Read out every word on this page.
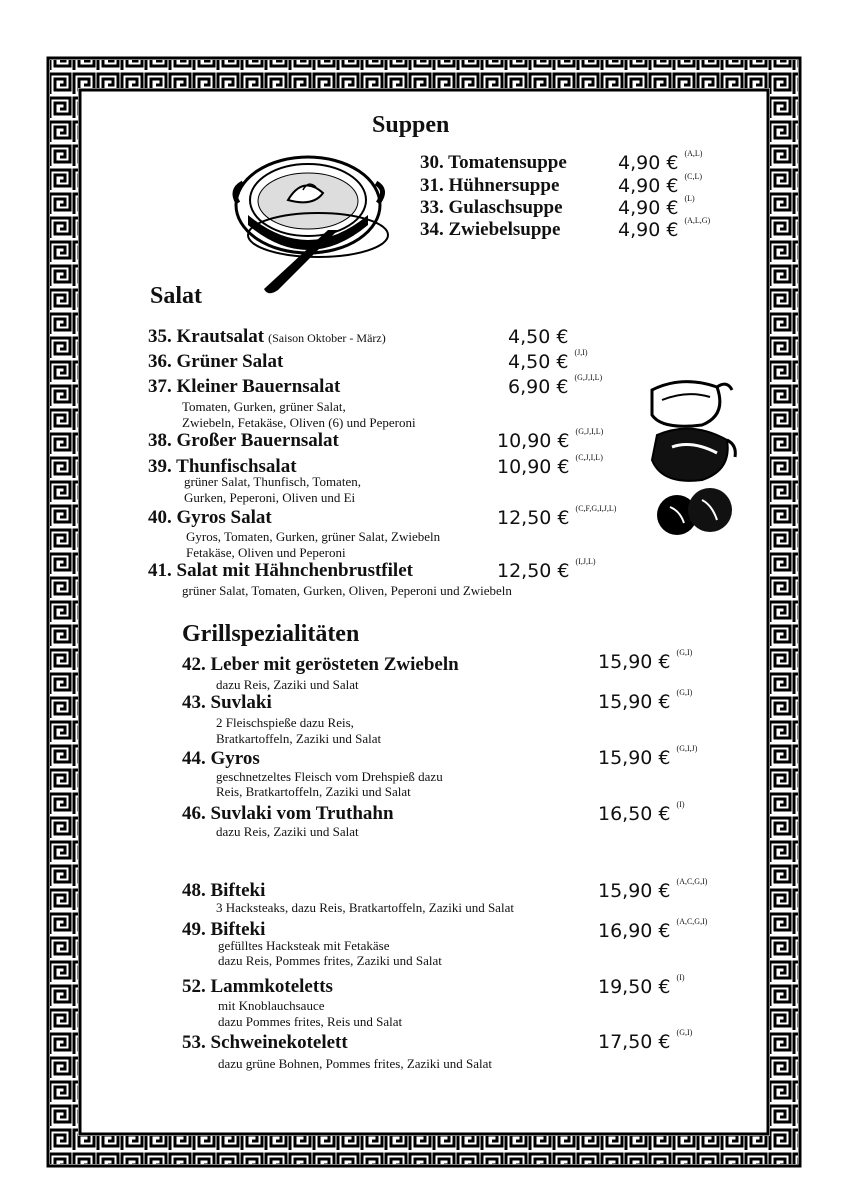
Suppen
Salat
Grillspezialitäten
30. Tomatensuppe	4,90 € $^{(A,L)}$
31. Hühnersuppe	4,90 € $^{(C,L)}$
33. Gulaschsuppe	4,90 € $^{(L)}$
34. Zwiebelsuppe	4,90 € $^{(A,L,G)}$
35. Krautsalat (Saison Oktober - März)	4,50 €
36. Grüner Salat	4,50 € $^{(J,I)}$
37. Kleiner Bauernsalat	6,90 € $^{(G,J,I,L)}$
Tomaten, Gurken, grüner Salat,
Zwiebeln, Fetakäse, Oliven (6) und Peperoni
38. Großer Bauernsalat	10,90 € $^{(G,J,I,L)}$
39. Thunfischsalat	10,90 € $^{(C,J,I,L)}$
grüner Salat, Thunfisch, Tomaten,
Gurken, Peperoni, Oliven und Ei
40. Gyros Salat	12,50 € $^{(C,F,G,I,J,L)}$
Gyros, Tomaten, Gurken, grüner Salat, Zwiebeln
Fetakäse, Oliven und Peperoni
41. Salat mit Hähnchenbrustfilet	12,50 € $^{(I,J,L)}$
grüner Salat, Tomaten, Gurken, Oliven, Peperoni und Zwiebeln
42. Leber mit gerösteten Zwiebeln	15,90 € $^{(G,I)}$
dazu Reis, Zaziki und Salat
43. Suvlaki	15,90 € $^{(G,I)}$
2 Fleischspieße dazu Reis,
Bratkartoffeln, Zaziki und Salat
44. Gyros	15,90 € $^{(G,I,J)}$
geschnetzeltes Fleisch vom Drehspieß dazu
Reis, Bratkartoffeln, Zaziki und Salat
46. Suvlaki vom Truthahn	16,50 € $^{(I)}$
dazu Reis, Zaziki und Salat
48. Bifteki	15,90 € $^{(A,C,G,I)}$
3 Hacksteaks, dazu Reis, Bratkartoffeln, Zaziki und Salat
49. Bifteki	16,90 € $^{(A,C,G,I)}$
gefülltes Hacksteak mit Fetakäse
dazu Reis, Pommes frites, Zaziki und Salat
52. Lammkoteletts	19,50 € $^{(I)}$
mit Knoblauchsauce
dazu Pommes frites, Reis und Salat
53. Schweinekotelett	17,50 € $^{(G,I)}$
dazu grüne Bohnen, Pommes frites, Zaziki und Salat
